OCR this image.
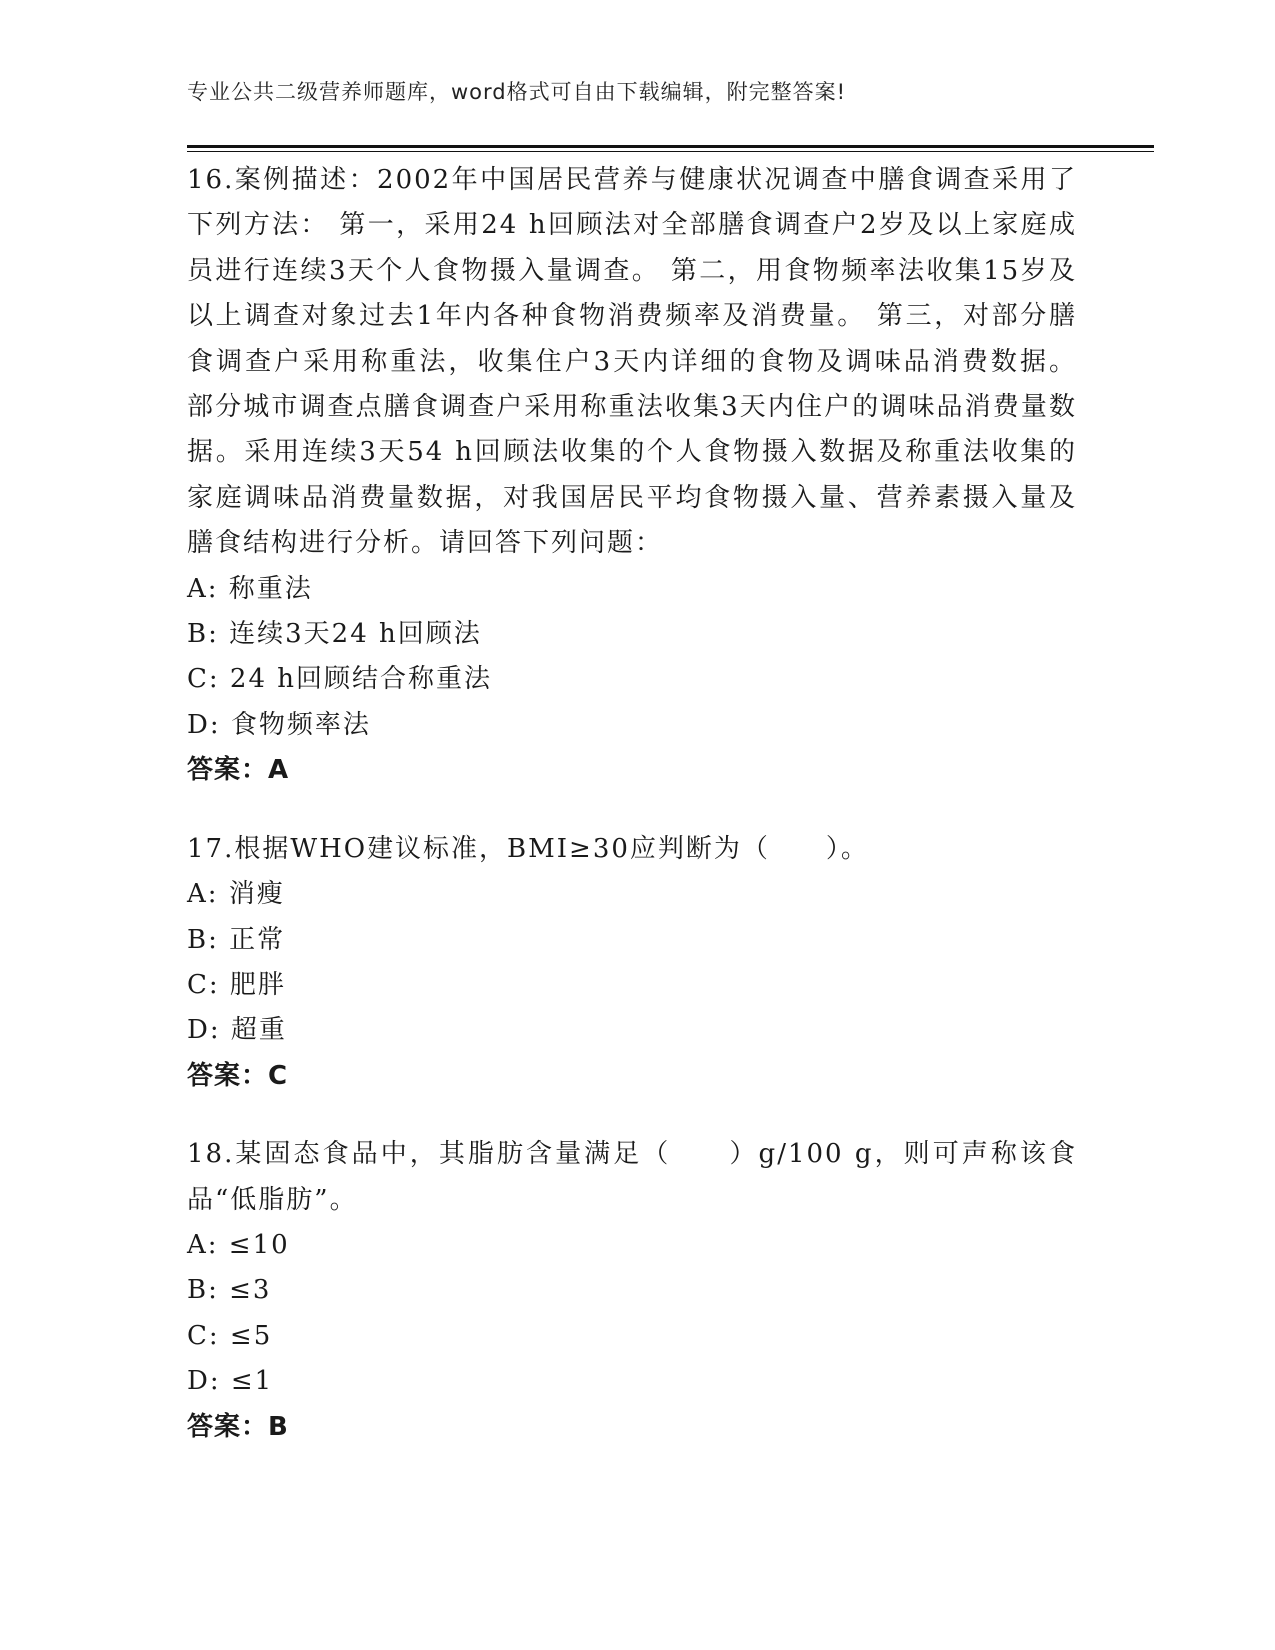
专业公共二级营养师题库，word格式可自由下载编辑，附完整答案!
16.案例描述：2002年中国居民营养与健康状况调查中膳食调查采用了下列方法： 第一，采用24 h回顾法对全部膳食调查户2岁及以上家庭成员进行连续3天个人食物摄入量调查。 第二，用食物频率法收集15岁及以上调查对象过去1年内各种食物消费频率及消费量。 第三，对部分膳食调查户采用称重法，收集住户3天内详细的食物及调味品消费数据。 部分城市调查点膳食调查户采用称重法收集3天内住户的调味品消费量数据。采用连续3天54 h回顾法收集的个人食物摄入数据及称重法收集的家庭调味品消费量数据，对我国居民平均食物摄入量、营养素摄入量及膳食结构进行分析。请回答下列问题：
A: 称重法
B: 连续3天24 h回顾法
C: 24 h回顾结合称重法
D: 食物频率法
答案：A
17.根据WHO建议标准，BMI≥30应判断为（　　）。
A: 消瘦
B: 正常
C: 肥胖
D: 超重
答案：C
18.某固态食品中，其脂肪含量满足（　　）g/100 g，则可声称该食品“低脂肪”。
A: ≤10
B: ≤3
C: ≤5
D: ≤1
答案：B
